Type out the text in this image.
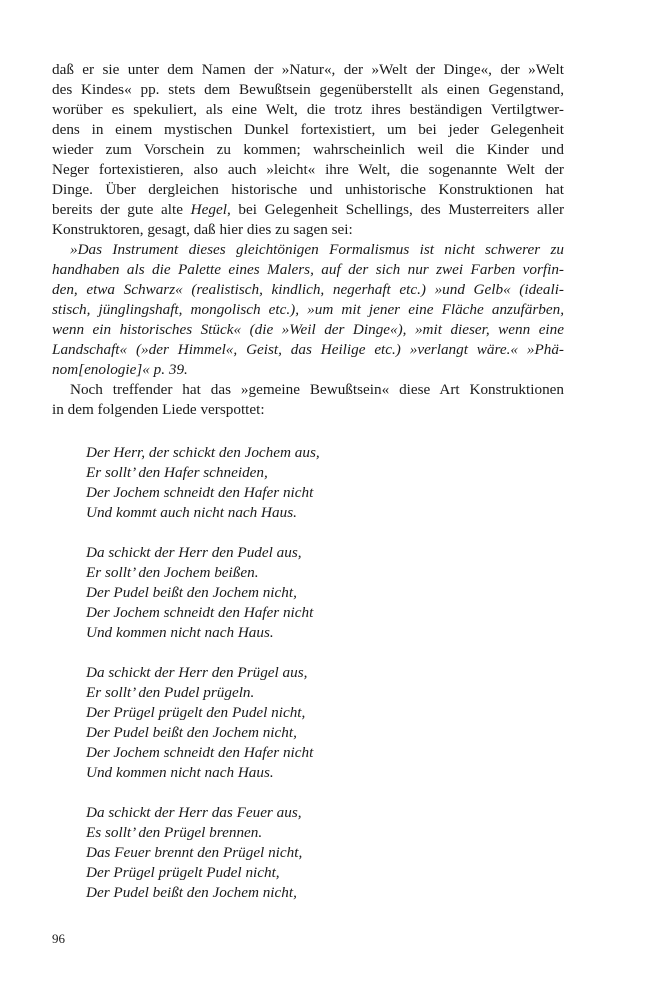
daß er sie unter dem Namen der »Natur«, der »Welt der Dinge«, der »Welt
des Kindes« pp. stets dem Bewußtsein gegenüberstellt als einen Gegenstand,
worüber es spekuliert, als eine Welt, die trotz ihres beständigen Vertilgtwer-
dens in einem mystischen Dunkel fortexistiert, um bei jeder Gelegenheit
wieder zum Vorschein zu kommen; wahrscheinlich weil die Kinder und
Neger fortexistieren, also auch »leicht« ihre Welt, die sogenannte Welt der
Dinge. Über dergleichen historische und unhistorische Konstruktionen hat
bereits der gute alte Hegel, bei Gelegenheit Schellings, des Musterreiters aller
Konstruktoren, gesagt, daß hier dies zu sagen sei:
»Das Instrument dieses gleichtönigen Formalismus ist nicht schwerer zu
handhaben als die Palette eines Malers, auf der sich nur zwei Farben vorfin-
den, etwa Schwarz« (realistisch, kindlich, negerhaft etc.) »und Gelb« (ideali-
stisch, jünglingshaft, mongolisch etc.), »um mit jener eine Fläche anzufärben,
wenn ein historisches Stück« (die »Weil der Dinge«), »mit dieser, wenn eine
Landschaft« (»der Himmel«, Geist, das Heilige etc.) »verlangt wäre.« »Phä-
nom[enologie]« p. 39.
Noch treffender hat das »gemeine Bewußtsein« diese Art Konstruktionen
in dem folgenden Liede verspottet:
Der Herr, der schickt den Jochem aus,
Er sollt’ den Hafer schneiden,
Der Jochem schneidt den Hafer nicht
Und kommt auch nicht nach Haus.
Da schickt der Herr den Pudel aus,
Er sollt’ den Jochem beißen.
Der Pudel beißt den Jochem nicht,
Der Jochem schneidt den Hafer nicht
Und kommen nicht nach Haus.
Da schickt der Herr den Prügel aus,
Er sollt’ den Pudel prügeln.
Der Prügel prügelt den Pudel nicht,
Der Pudel beißt den Jochem nicht,
Der Jochem schneidt den Hafer nicht
Und kommen nicht nach Haus.
Da schickt der Herr das Feuer aus,
Es sollt’ den Prügel brennen.
Das Feuer brennt den Prügel nicht,
Der Prügel prügelt Pudel nicht,
Der Pudel beißt den Jochem nicht,
96
